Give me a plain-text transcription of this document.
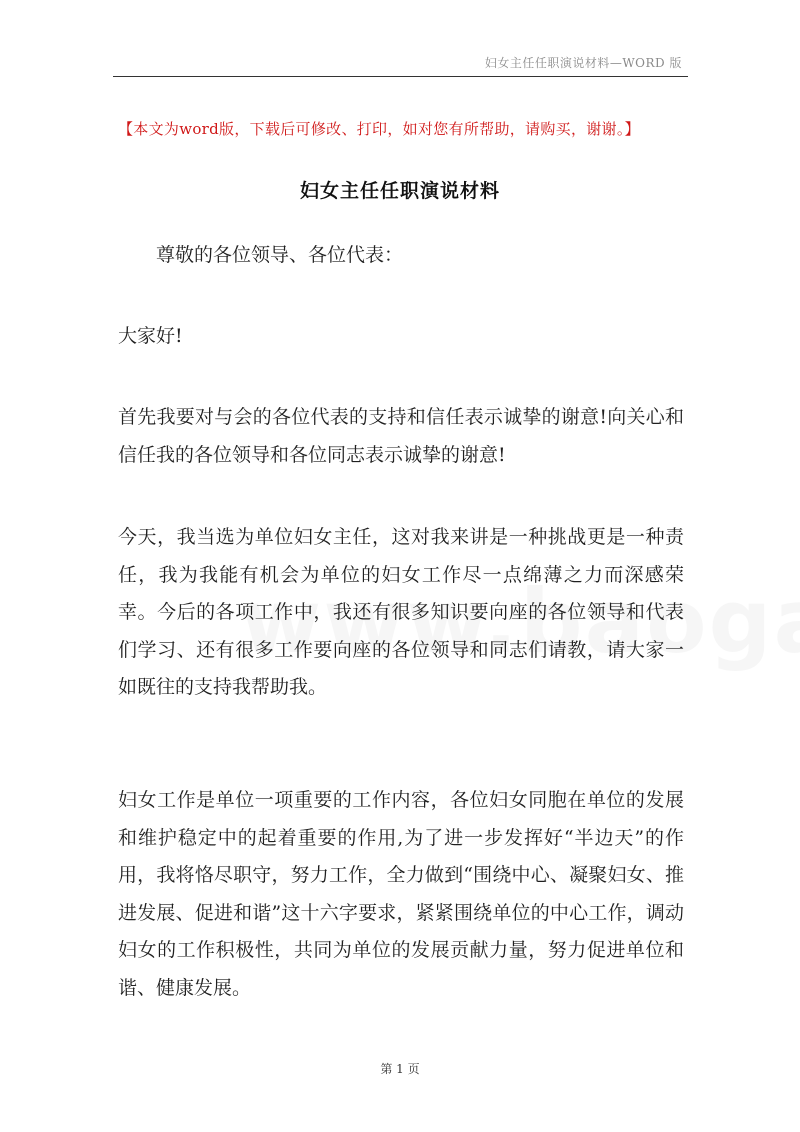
妇女主任任职演说材料—WORD 版
【本文为word版，下载后可修改、打印，如对您有所帮助，请购买，谢谢。】
妇女主任任职演说材料
尊敬的各位领导、各位代表：
大家好!
首先我要对与会的各位代表的支持和信任表示诚挚的谢意!向关心和信任我的各位领导和各位同志表示诚挚的谢意!
今天，我当选为单位妇女主任，这对我来讲是一种挑战更是一种责任，我为我能有机会为单位的妇女工作尽一点绵薄之力而深感荣幸。今后的各项工作中，我还有很多知识要向座的各位领导和代表们学习、还有很多工作要向座的各位领导和同志们请教，请大家一如既往的支持我帮助我。
妇女工作是单位一项重要的工作内容，各位妇女同胞在单位的发展和维护稳定中的起着重要的作用,为了进一步发挥好“半边天”的作用，我将恪尽职守，努力工作，全力做到“围绕中心、凝聚妇女、推进发展、促进和谐”这十六字要求，紧紧围绕单位的中心工作，调动妇女的工作积极性，共同为单位的发展贡献力量，努力促进单位和谐、健康发展。
第 1 页
